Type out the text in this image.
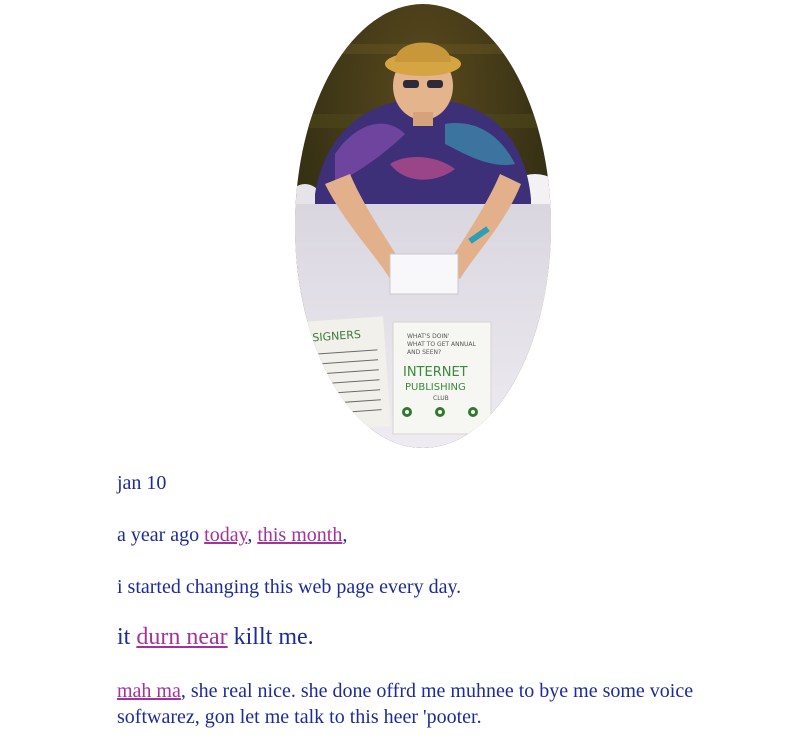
SIGNERS	WHAT'S DOIN'
WHAT TO GET ANNUAL
AND SEEN?
INTERNET
PUBLISHING
CLUB

jan 10

a year ago today, this month,

i started changing this web page every day.

it durn near killt me.

mah ma, she real nice. she done offrd me muhnee to bye me some voice softwarez, gon let me talk to this heer 'pooter.
